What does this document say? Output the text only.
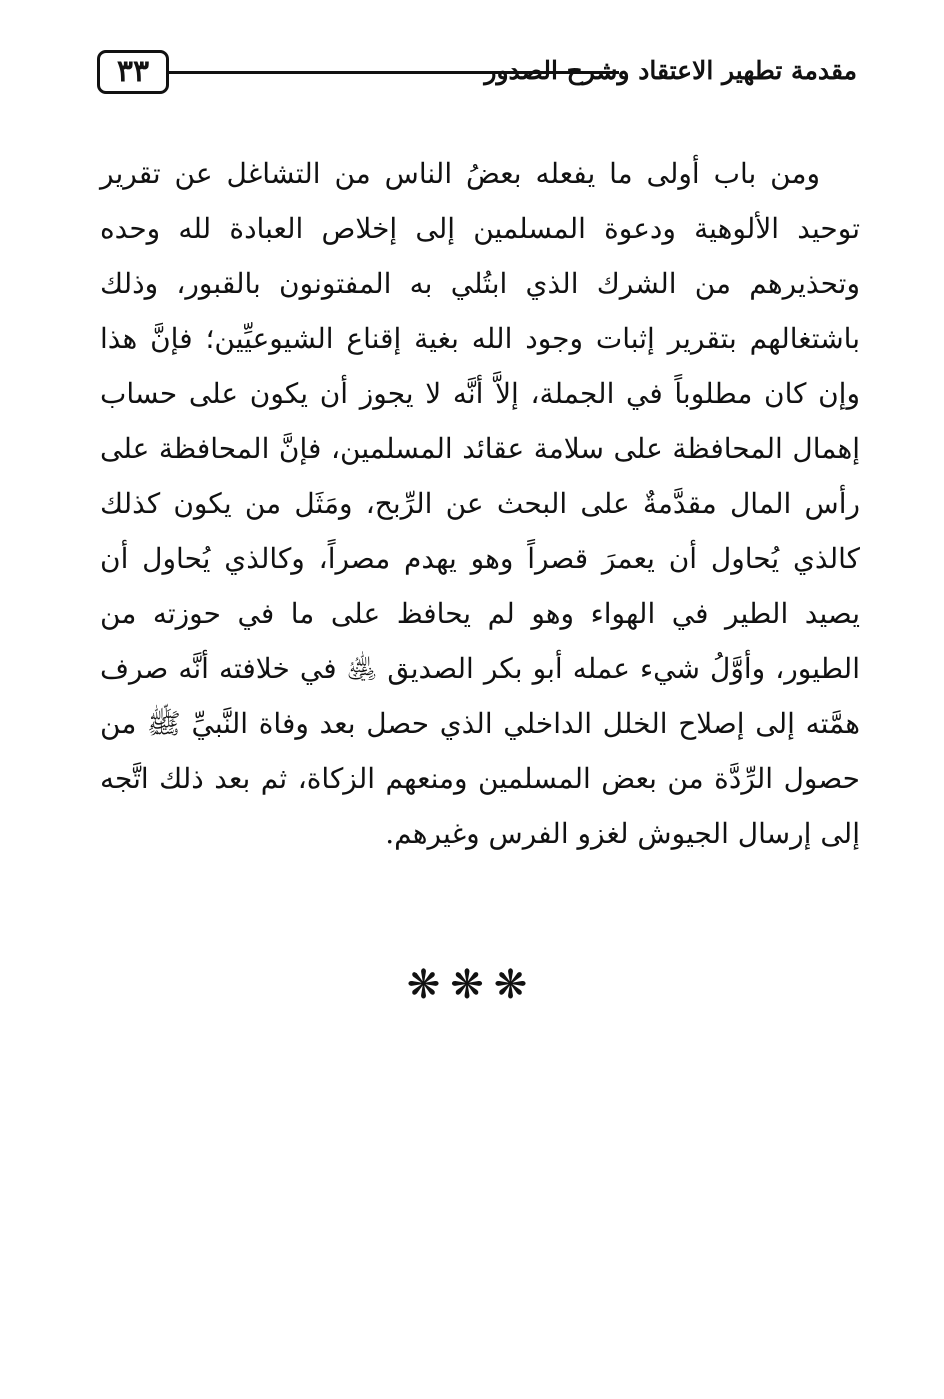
٣٣	مقدمة تطهير الاعتقاد وشرح الصدور

ومن باب أولى ما يفعله بعضُ الناس من التشاغل عن تقرير توحيد الألوهية ودعوة المسلمين إلى إخلاص العبادة لله وحده وتحذيرهم من الشرك الذي ابتُلي به المفتونون بالقبور، وذلك باشتغالهم بتقرير إثبات وجود الله بغية إقناع الشيوعيِّين؛ فإنَّ هذا وإن كان مطلوباً في الجملة، إلاَّ أنَّه لا يجوز أن يكون على حساب إهمال المحافظة على سلامة عقائد المسلمين، فإنَّ المحافظة على رأس المال مقدَّمةٌ على البحث عن الرِّبح، ومَثَل من يكون كذلك كالذي يُحاول أن يعمرَ قصراً وهو يهدم مصراً، وكالذي يُحاول أن يصيد الطير في الهواء وهو لم يحافظ على ما في حوزته من الطيور، وأوَّلُ شيء عمله أبو بكر الصديق ﵁ في خلافته أنَّه صرف همَّته إلى إصلاح الخلل الداخلي الذي حصل بعد وفاة النَّبيِّ ﷺ من حصول الرِّدَّة من بعض المسلمين ومنعهم الزكاة، ثم بعد ذلك اتَّجه إلى إرسال الجيوش لغزو الفرس وغيرهم.

❋❋❋
